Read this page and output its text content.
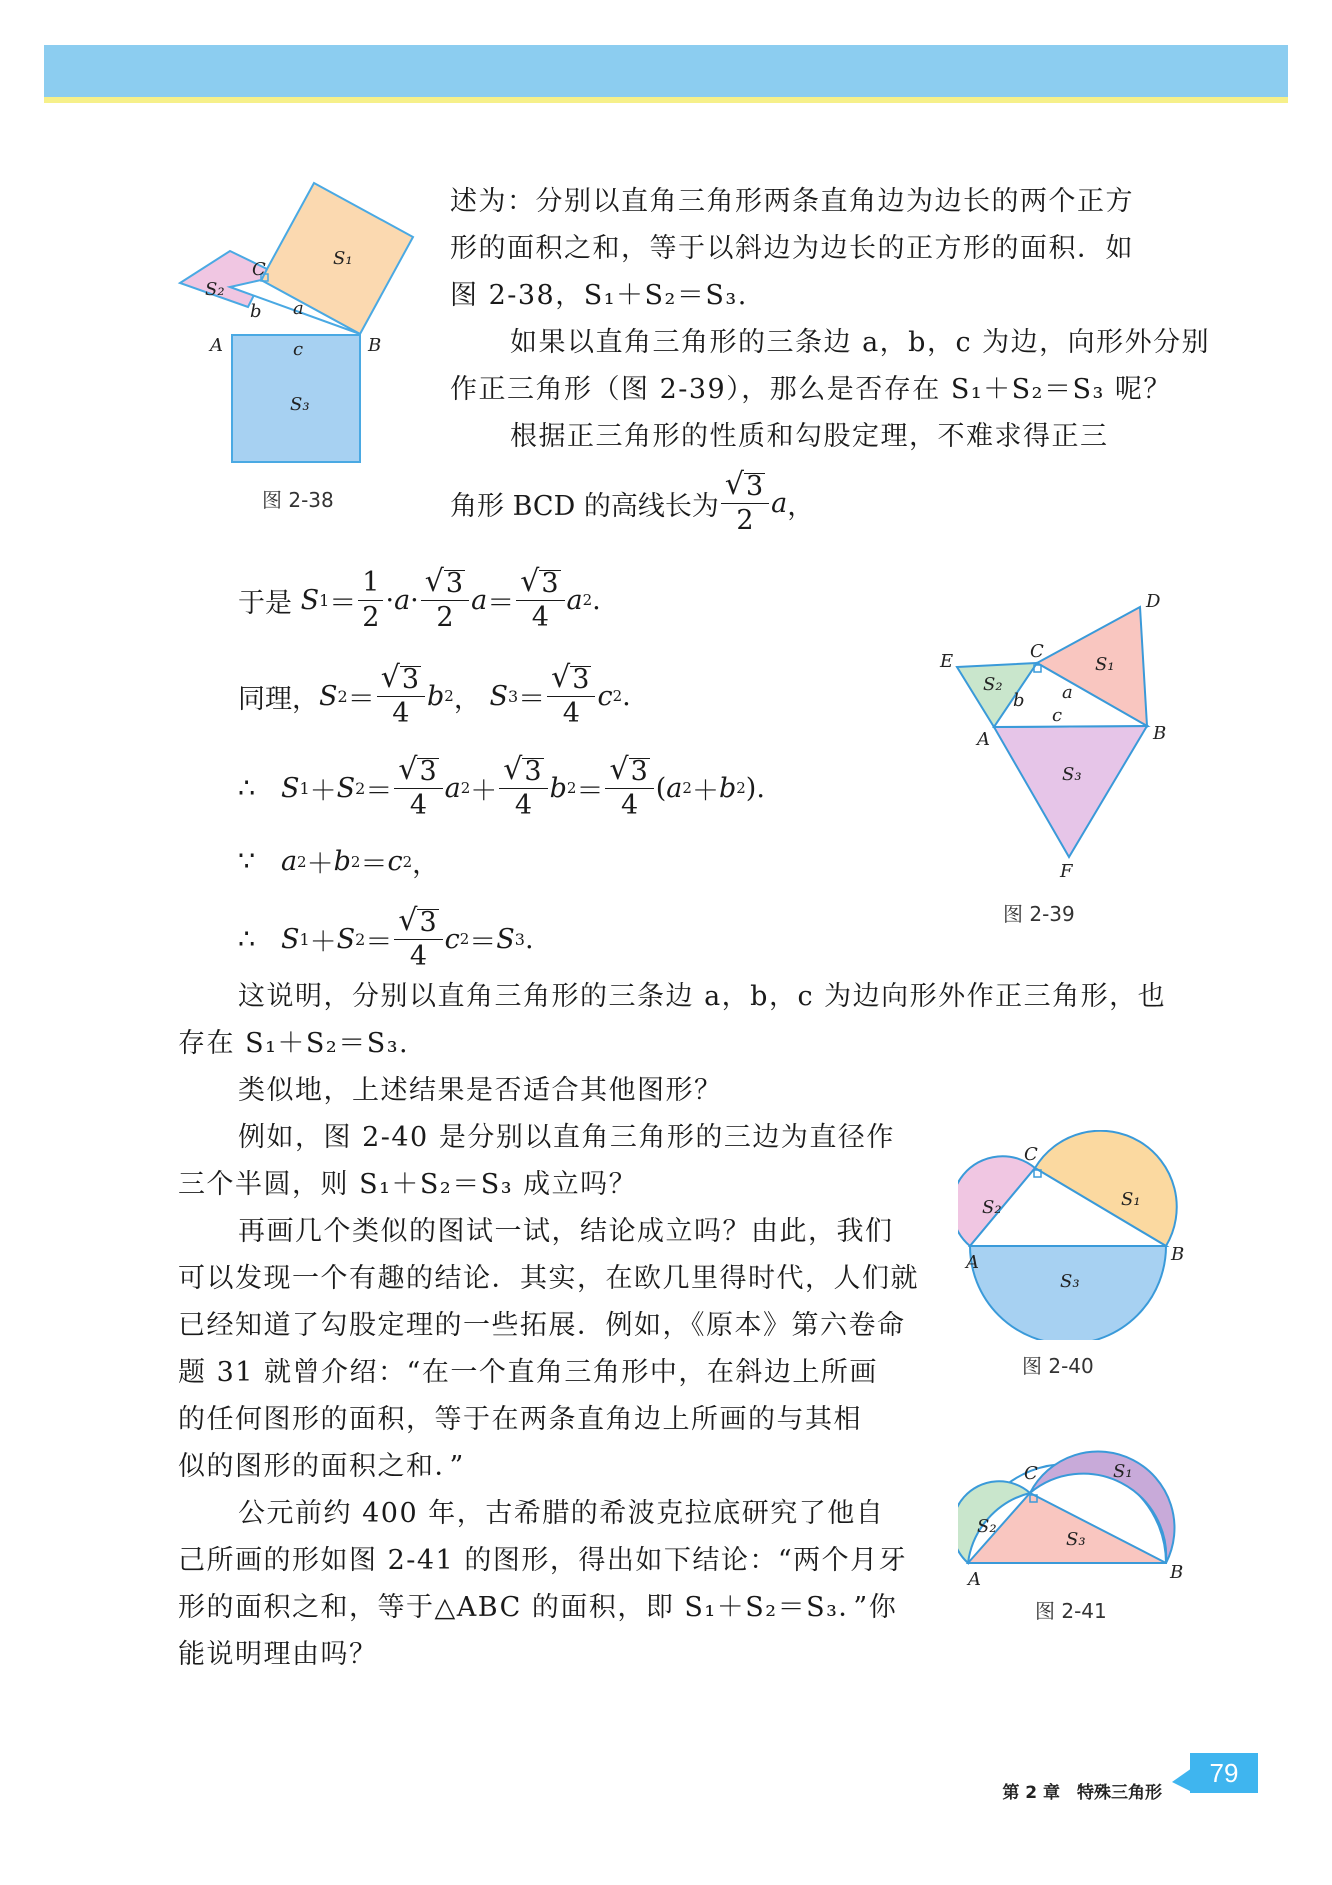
C
A	B
b a
c
S₁
S₂
S₃
图 2-38
述为：分别以直角三角形两条直角边为边长的两个正方
形的面积之和，等于以斜边为边长的正方形的面积．如
图 2-38，S₁＋S₂＝S₃.
如果以直角三角形的三条边 a，b，c 为边，向形外分别
作正三角形（图 2-39），那么是否存在 S₁＋S₂＝S₃ 呢？
根据正三角形的性质和勾股定理，不难求得正三
角形 BCD 的高线长为 $\frac{√ 3}{2}$ a ，
于是
S $1 = \frac{1}{2} \cdot a \cdot \frac{√ 3}{2}$ $a = \frac{√ 3}{4}$ a 2 .
同理 ， S $2 = \frac{√ 3}{4}$ b 2 ， S $3 = \frac{√ 3}{4}$ c 2 .
∴
S 1 ＋ S $2 = \frac{√ 3}{4}$ a $2 + \frac{√ 3}{4}$ b $2 = \frac{√ 3}{4}$ ( a 2 ＋ b 2 ).
∵
a 2 ＋ b 2 ＝ c 2 ，
∴
S 1 ＋ S $2 = \frac{√ 3}{4}$ c 2 ＝ S 3 .
C
D
E
A	B
F
a
b
c
S₁
S₂
S₃
图 2-39
这说明，分别以直角三角形的三条边 a，b，c 为边向形外作正三角形，也
存在 S₁＋S₂＝S₃.
类似地，上述结果是否适合其他图形？
例如，图 2-40 是分别以直角三角形的三边为直径作
三个半圆，则 S₁＋S₂＝S₃ 成立吗？
再画几个类似的图试一试，结论成立吗？由此，我们
可以发现一个有趣的结论．其实，在欧几里得时代，人们就
已经知道了勾股定理的一些拓展．例如，《原本》第六卷命
题 31 就曾介绍：“在一个直角三角形中，在斜边上所画
的任何图形的面积，等于在两条直角边上所画的与其相
似的图形的面积之和．”
公元前约 400 年，古希腊的希波克拉底研究了他自
己所画的形如图 2-41 的图形，得出如下结论：“两个月牙
形的面积之和，等于△ABC 的面积，即 S₁＋S₂＝S₃．”你
能说明理由吗？
C
A	B
S₁
S₂
S₃
图 2-40
C
A	B
S₁
S₂
S₃
图 2-41
第 2 章　特殊三角形
79
